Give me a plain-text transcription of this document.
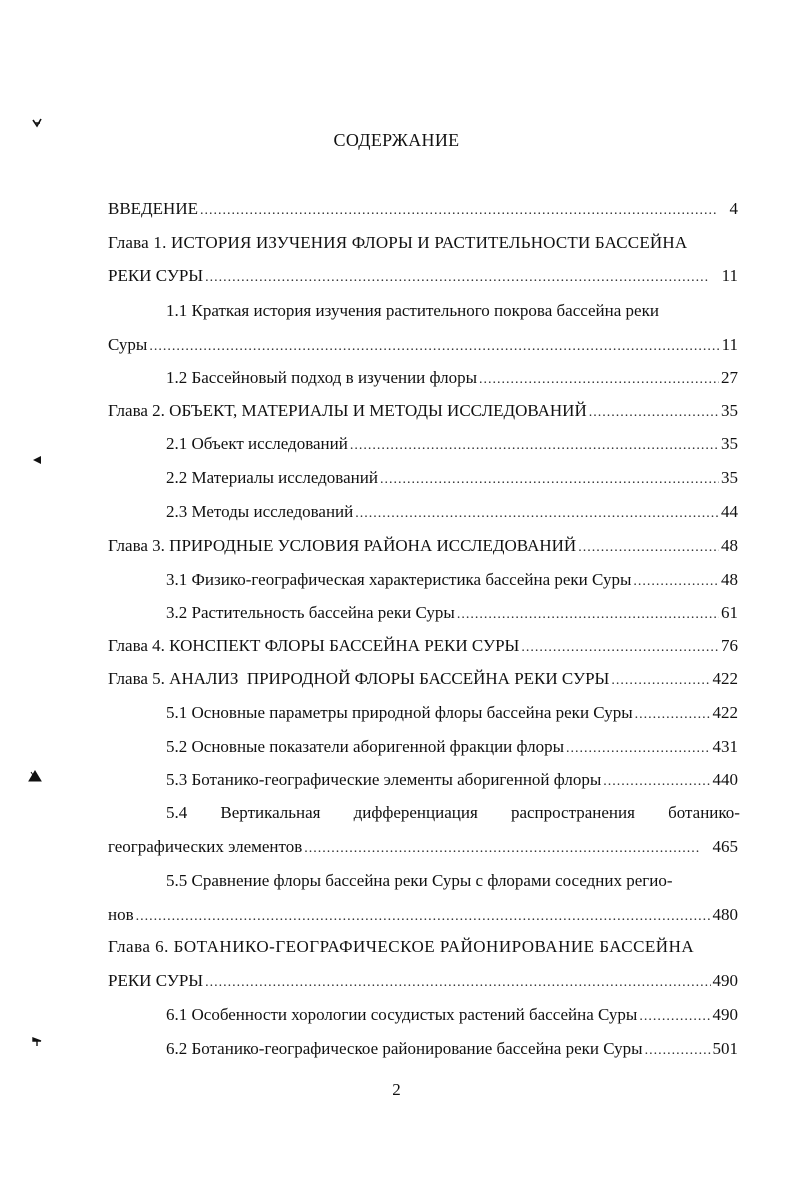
СОДЕРЖАНИЕ
ВВЕДЕНИЕ .....	4
Глава 1. ИСТОРИЯ ИЗУЧЕНИЯ ФЛОРЫ И РАСТИТЕЛЬНОСТИ БАССЕЙНА
РЕКИ СУРЫ .....	11
1.1 Краткая история изучения растительного покрова бассейна реки
Суры .....	11
1.2 Бассейновый подход в изучении флоры .....	27
Глава 2. ОБЪЕКТ, МАТЕРИАЛЫ И МЕТОДЫ ИССЛЕДОВАНИЙ .....	35
2.1 Объект исследований .....	35
2.2 Материалы исследований .....	35
2.3 Методы исследований .....	44
Глава 3. ПРИРОДНЫЕ УСЛОВИЯ РАЙОНА ИССЛЕДОВАНИЙ .....	48
3.1 Физико-географическая характеристика бассейна реки Суры .....	48
3.2 Растительность бассейна реки Суры .....	61
Глава 4. КОНСПЕКТ ФЛОРЫ БАССЕЙНА РЕКИ СУРЫ .....	76
Глава 5. АНАЛИЗ  ПРИРОДНОЙ ФЛОРЫ БАССЕЙНА РЕКИ СУРЫ .....	422
5.1 Основные параметры природной флоры бассейна реки Суры .....	422
5.2 Основные показатели аборигенной фракции флоры .....	431
5.3 Ботанико-географические элементы аборигенной флоры .....	440
5.4 Вертикальная дифференциация распространения ботанико-
географических элементов .....	465
5.5 Сравнение флоры бассейна реки Суры с флорами соседних регио-
нов .....	480
Глава 6. БОТАНИКО-ГЕОГРАФИЧЕСКОЕ РАЙОНИРОВАНИЕ БАССЕЙНА
РЕКИ СУРЫ .....	490
6.1 Особенности хорологии сосудистых растений бассейна Суры .....	490
6.2 Ботанико-географическое районирование бассейна реки Суры .....	501
2
